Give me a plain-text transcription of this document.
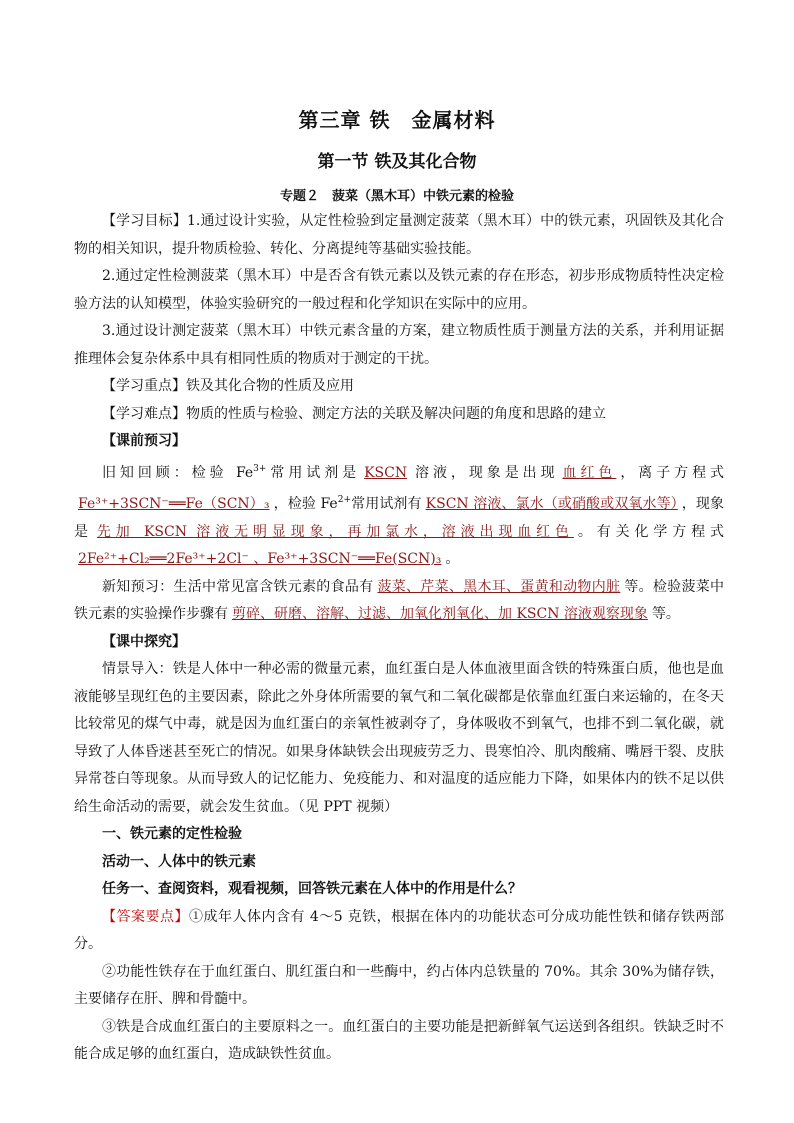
第三章 铁　金属材料
第一节 铁及其化合物
专题２　菠菜（黑木耳）中铁元素的检验

【学习目标】1.通过设计实验，从定性检验到定量测定菠菜（黑木耳）中的铁元素，巩固铁及其化合物的相关知识，提升物质检验、转化、分离提纯等基础实验技能。

2.通过定性检测菠菜（黑木耳）中是否含有铁元素以及铁元素的存在形态，初步形成物质特性决定检验方法的认知模型，体验实验研究的一般过程和化学知识在实际中的应用。

3.通过设计测定菠菜（黑木耳）中铁元素含量的方案，建立物质性质于测量方法的关系，并利用证据推理体会复杂体系中具有相同性质的物质对于测定的干扰。

【学习重点】铁及其化合物的性质及应用

【学习难点】物质的性质与检验、测定方法的关联及解决问题的角度和思路的建立

【课前预习】

旧知回顾：检验 $Fe^{3+}$常用试剂是 KSCN 溶液，现象是出现 血红色 ，离子方程式Fe³⁺+3SCN⁻══Fe（SCN）₃ ，检验 $Fe^{2+}$常用试剂有 KSCN 溶液、氯水（或硝酸或双氧水等） ，现象是 先加 KSCN 溶液无明显现象，再加氯水，溶液出现血红色 。有关化学方程式2Fe²⁺+Cl₂══2Fe³⁺+2Cl⁻ 、Fe³⁺+3SCN⁻══Fe(SCN)₃ 。

新知预习：生活中常见富含铁元素的食品有 菠菜、芹菜、黑木耳、蛋黄和动物内脏 等。检验菠菜中铁元素的实验操作步骤有 剪碎、研磨、溶解、过滤、加氧化剂氧化、加 KSCN 溶液观察现象 等。

【课中探究】

情景导入：铁是人体中一种必需的微量元素，血红蛋白是人体血液里面含铁的特殊蛋白质，他也是血液能够呈现红色的主要因素，除此之外身体所需要的氧气和二氧化碳都是依靠血红蛋白来运输的，在冬天比较常见的煤气中毒，就是因为血红蛋白的亲氧性被剥夺了，身体吸收不到氧气，也排不到二氧化碳，就导致了人体昏迷甚至死亡的情况。如果身体缺铁会出现疲劳乏力、畏寒怕冷、肌肉酸痛、嘴唇干裂、皮肤异常苍白等现象。从而导致人的记忆能力、免疫能力、和对温度的适应能力下降，如果体内的铁不足以供给生命活动的需要，就会发生贫血。（见 PPT 视频）

一、铁元素的定性检验

活动一、人体中的铁元素

任务一、查阅资料，观看视频，回答铁元素在人体中的作用是什么？

【答案要点】①成年人体内含有 4～5 克铁，根据在体内的功能状态可分成功能性铁和储存铁两部分。

②功能性铁存在于血红蛋白、肌红蛋白和一些酶中，约占体内总铁量的 70%。其余 30%为储存铁，主要储存在肝、脾和骨髓中。

③铁是合成血红蛋白的主要原料之一。血红蛋白的主要功能是把新鲜氧气运送到各组织。铁缺乏时不能合成足够的血红蛋白，造成缺铁性贫血。
